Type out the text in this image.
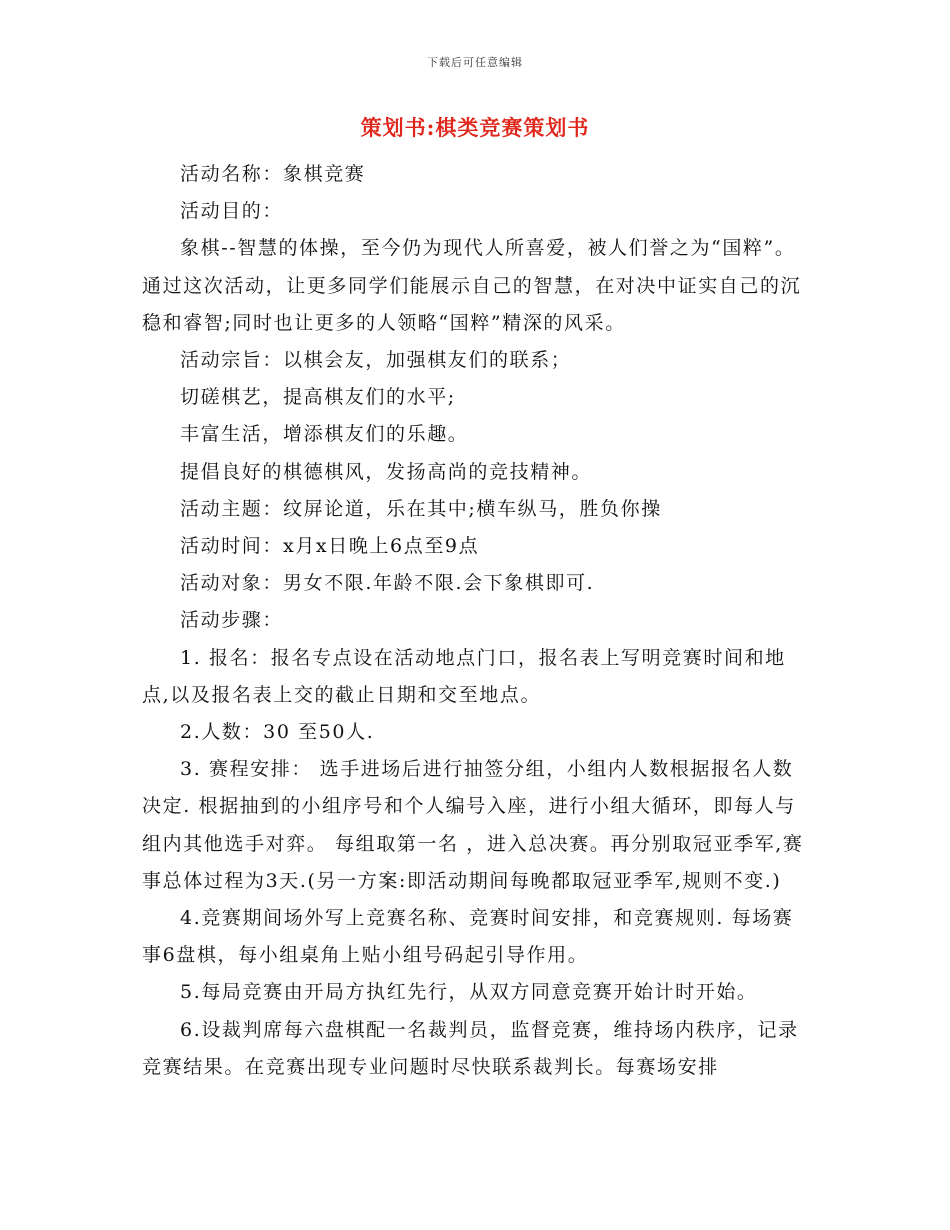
下载后可任意编辑
策划书:棋类竞赛策划书

活动名称：象棋竞赛

活动目的：

象棋--智慧的体操，至今仍为现代人所喜爱，被人们誉之为“国粹”。通过这次活动，让更多同学们能展示自己的智慧，在对决中证实自己的沉稳和睿智;同时也让更多的人领略“国粹”精深的风采。

活动宗旨：以棋会友，加强棋友们的联系；

切磋棋艺，提高棋友们的水平;

丰富生活，增添棋友们的乐趣。

提倡良好的棋德棋风，发扬高尚的竞技精神。

活动主题：纹屏论道，乐在其中;横车纵马，胜负你操

活动时间：x月x日晚上6点至9点

活动对象：男女不限.年龄不限.会下象棋即可.

活动步骤：

1. 报名：报名专点设在活动地点门口，报名表上写明竞赛时间和地点,以及报名表上交的截止日期和交至地点。

2.人数：30 至50人.

3. 赛程安排： 选手进场后进行抽签分组，小组内人数根据报名人数决定. 根据抽到的小组序号和个人编号入座，进行小组大循环，即每人与组内其他选手对弈。 每组取第一名 ，进入总决赛。再分别取冠亚季军,赛事总体过程为3天.(另一方案:即活动期间每晚都取冠亚季军,规则不变.)

4.竞赛期间场外写上竞赛名称、竞赛时间安排，和竞赛规则. 每场赛事6盘棋，每小组桌角上贴小组号码起引导作用。

5.每局竞赛由开局方执红先行，从双方同意竞赛开始计时开始。

6.设裁判席每六盘棋配一名裁判员，监督竞赛，维持场内秩序，记录竞赛结果。在竞赛出现专业问题时尽快联系裁判长。每赛场安排
